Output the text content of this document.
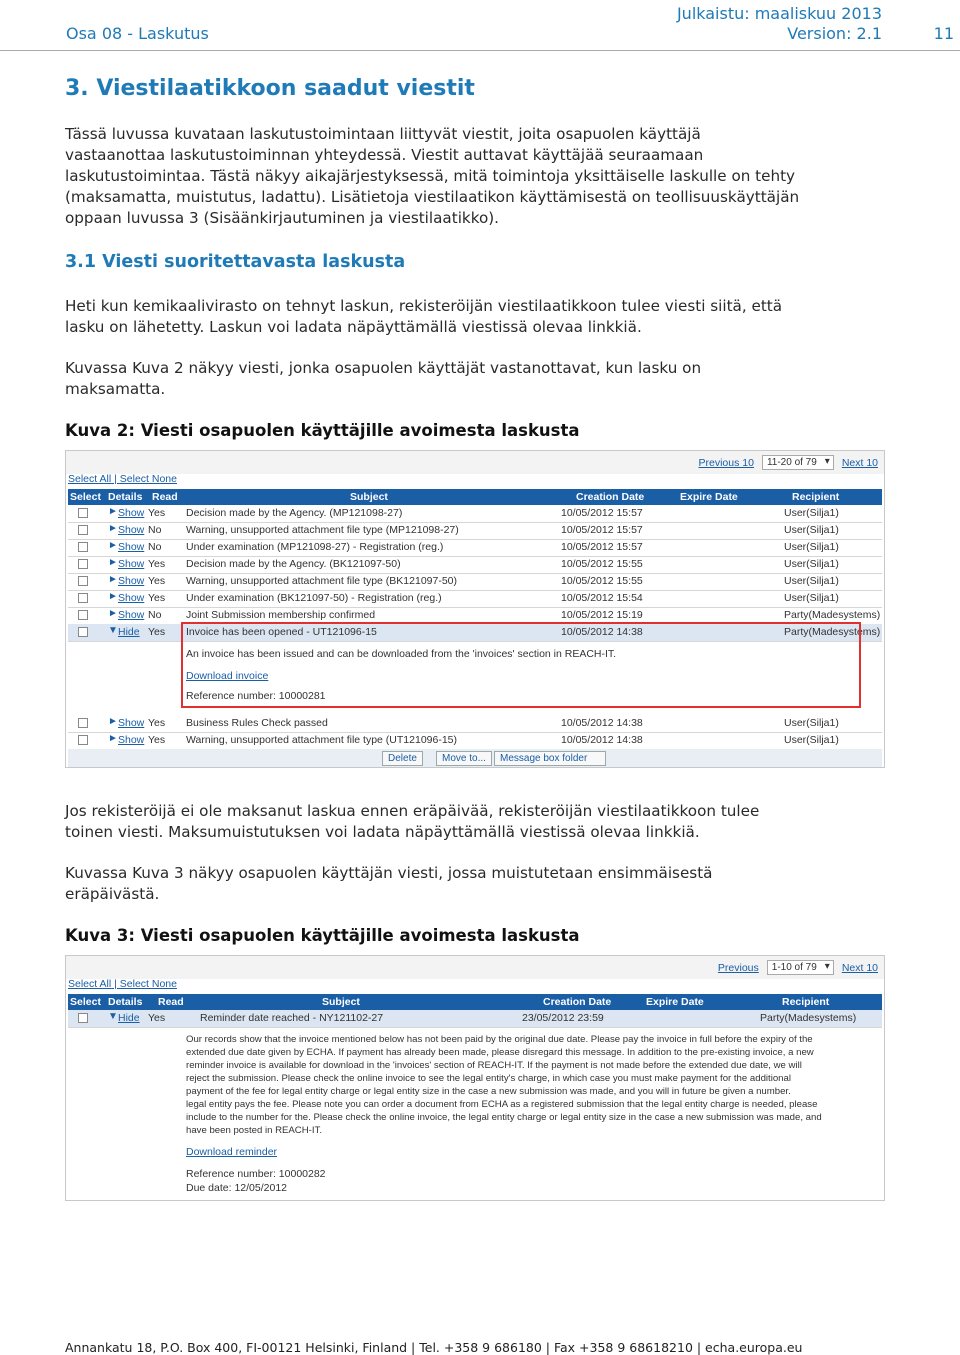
Osa 08 - Laskutus
Julkaistu: maaliskuu 2013
Version: 2.1	11
3. Viestilaatikkoon saadut viestit
Tässä luvussa kuvataan laskutustoimintaan liittyvät viestit, joita osapuolen käyttäjä
vastaanottaa laskutustoiminnan yhteydessä. Viestit auttavat käyttäjää seuraamaan
laskutustoimintaa. Tästä näkyy aikajärjestyksessä, mitä toimintoja yksittäiselle laskulle on tehty
(maksamatta, muistutus, ladattu). Lisätietoja viestilaatikon käyttämisestä on teollisuuskäyttäjän
oppaan luvussa 3 (Sisäänkirjautuminen ja viestilaatikko).
3.1 Viesti suoritettavasta laskusta
Heti kun kemikaalivirasto on tehnyt laskun, rekisteröijän viestilaatikkoon tulee viesti siitä, että
lasku on lähetetty. Laskun voi ladata näpäyttämällä viestissä olevaa linkkiä.
Kuvassa Kuva 2 näkyy viesti, jonka osapuolen käyttäjät vastanottavat, kun lasku on
maksamatta.
Kuva 2: Viesti osapuolen käyttäjille avoimesta laskusta
Previous 10	11-20 of 79 ▾	Next 10
Select All | Select None
Select Details Read	Subject	Creation Date	Expire Date	Recipient
► Show Yes Decision made by the Agency. (MP121098-27)	10/05/2012 15:57	User(Silja1)
► Show No Warning, unsupported attachment file type (MP121098-27)	10/05/2012 15:57	User(Silja1)
► Show No Under examination (MP121098-27) - Registration (reg.)	10/05/2012 15:57	User(Silja1)
► Show Yes Decision made by the Agency. (BK121097-50)	10/05/2012 15:55	User(Silja1)
► Show Yes Warning, unsupported attachment file type (BK121097-50)	10/05/2012 15:55	User(Silja1)
► Show Yes Under examination (BK121097-50) - Registration (reg.)	10/05/2012 15:54	User(Silja1)
► Show No Joint Submission membership confirmed	10/05/2012 15:19	Party(Madesystems)
▼ Hide Yes Invoice has been opened - UT121096-15	10/05/2012 14:38	Party(Madesystems)
An invoice has been issued and can be downloaded from the 'invoices' section in REACH-IT.
Download invoice
Reference number: 10000281
► Show Yes Business Rules Check passed	10/05/2012 14:38	User(Silja1)
► Show Yes Warning, unsupported attachment file type (UT121096-15)	10/05/2012 14:38	User(Silja1)
Delete	Move to...	Message box folder
Jos rekisteröijä ei ole maksanut laskua ennen eräpäivää, rekisteröijän viestilaatikkoon tulee
toinen viesti. Maksumuistutuksen voi ladata näpäyttämällä viestissä olevaa linkkiä.
Kuvassa Kuva 3 näkyy osapuolen käyttäjän viesti, jossa muistutetaan ensimmäisestä
eräpäivästä.
Kuva 3: Viesti osapuolen käyttäjille avoimesta laskusta
Previous	1-10 of 79 ▾	Next 10
Select All | Select None
Select Details Read	Subject	Creation Date	Expire Date	Recipient
▼ Hide Yes	Reminder date reached - NY121102-27	23/05/2012 23:59	Party(Madesystems)
Our records show that the invoice mentioned below has not been paid by the original due date. Please pay the invoice in full before the expiry of the
extended due date given by ECHA. If payment has already been made, please disregard this message. In addition to the pre-existing invoice, a new
reminder invoice is available for download in the 'invoices' section of REACH-IT. If the payment is not made before the extended due date, we will
reject the submission. Please check the online invoice to see the legal entity's charge, in which case you must make payment for the additional
payment of the fee for legal entity charge or legal entity size in the case a new submission was made, and you will in future be given a number.
legal entity pays the fee. Please note you can order a document from ECHA as a registered submission that the legal entity charge is needed, please
include to the number for the. Please check the online invoice, the legal entity charge or legal entity size in the case a new submission was made, and
have been posted in REACH-IT.
Download reminder
Reference number: 10000282
Due date: 12/05/2012
Annankatu 18, P.O. Box 400, FI-00121 Helsinki, Finland | Tel. +358 9 686180 | Fax +358 9 68618210 | echa.europa.eu
